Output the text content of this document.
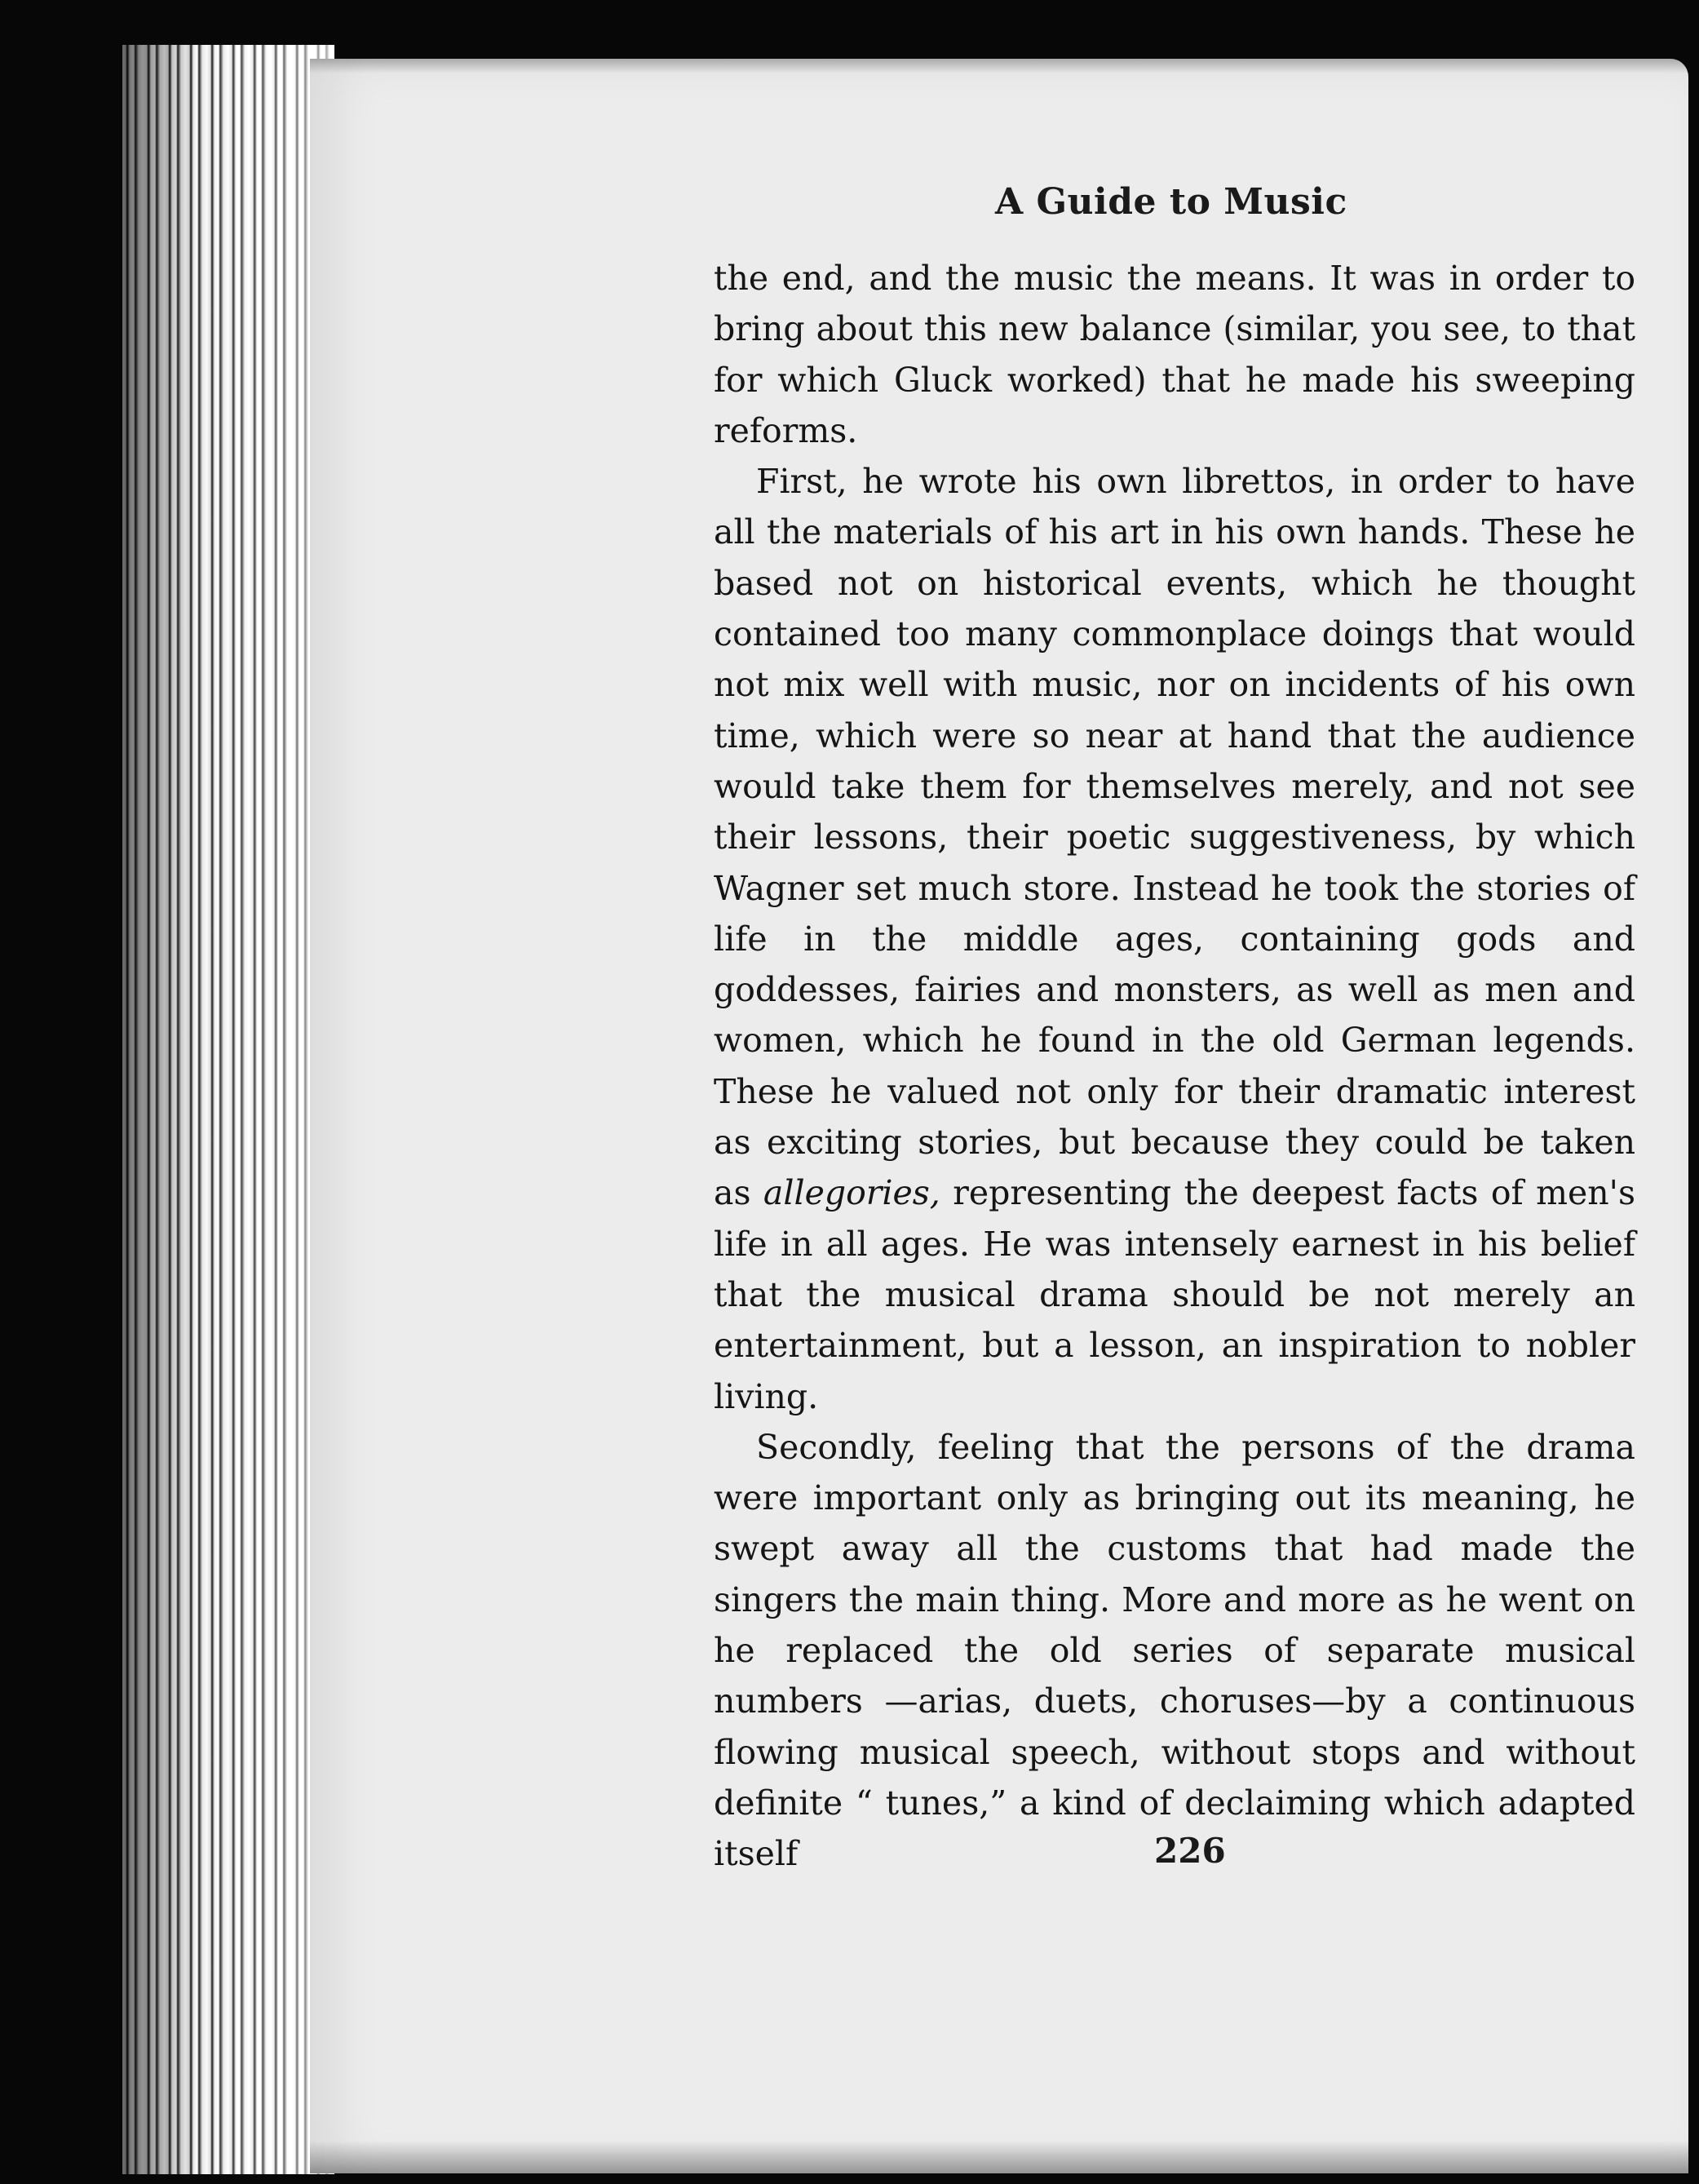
A Guide to Music

the end, and the music the means. It was in order to bring about this new balance (similar, you see, to that for which Gluck worked) that he made his sweeping reforms.

First, he wrote his own librettos, in order to have all the materials of his art in his own hands. These he based not on historical events, which he thought contained too many commonplace doings that would not mix well with music, nor on incidents of his own time, which were so near at hand that the audience would take them for themselves merely, and not see their lessons, their poetic suggestiveness, by which Wagner set much store. Instead he took the stories of life in the middle ages, containing gods and goddesses, fairies and monsters, as well as men and women, which he found in the old German legends. These he valued not only for their dramatic interest as exciting stories, but because they could be taken as allegories, representing the deepest facts of men's life in all ages. He was intensely earnest in his belief that the musical drama should be not merely an entertainment, but a lesson, an inspiration to nobler living.

Secondly, feeling that the persons of the drama were important only as bringing out its meaning, he swept away all the customs that had made the singers the main thing. More and more as he went on he replaced the old series of separate musical numbers —arias, duets, choruses—by a continuous flowing musical speech, without stops and without definite “ tunes,” a kind of declaiming which adapted itself	226
